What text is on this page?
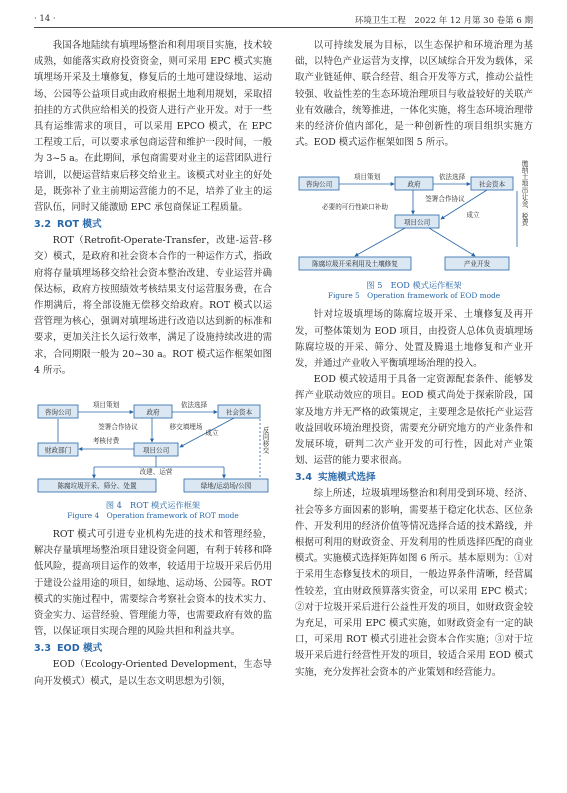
· 14 ·	环境卫生工程　2022 年 12 月第 30 卷第 6 期

我国各地陆续有填埋场整治和利用项目实施，技术较成熟，如能落实政府投资资金，则可采用 EPC 模式实施填埋场开采及土壤修复，修复后的土地可建设绿地、运动场、公园等公益项目或由政府根据土地利用规划，采取招拍挂的方式供应给相关的投资人进行产业开发。对于一些具有运维需求的项目，可以采用 EPCO 模式，在 EPC 工程竣工后，可以要求承包商运营和维护一段时间，一般为 3~5 a。在此期间，承包商需要对业主的运营团队进行培训，以便运营结束后移交给业主。该模式对业主的好处是，既弥补了业主前期运营能力的不足，培养了业主的运营队伍，同时又能激励 EPC 承包商保证工程质量。

3.2 ROT 模式

ROT（Retrofit-Operate-Transfer，改建-运营-移交）模式，是政府和社会资本合作的一种运作方式，指政府将存量填埋场移交给社会资本整治改建、专业运营并确保达标，政府方按照绩效考核结果支付运营服务费，在合作期满后，将全部设施无偿移交给政府。ROT 模式以运营管理为核心，强调对填埋场进行改造以达到新的标准和要求，更加关注长久运行效率，满足了设施持续改进的需求，合同期限一般为 20~30 a。ROT 模式运作框架如图 4 所示。

咨询公司	政府	社会资本
财政部门	项目公司
陈腐垃圾开采、筛分、处置	绿地/运动场/公园
项目策划	依法选择
签署合作协议	移交填埋场
考核付费
成立
改建、运营
反向移交
图 4　ROT 模式运作框架
Figure 4　Operation framework of ROT mode

ROT 模式可引进专业机构先进的技术和管理经验，解决存量填埋场整治项目建设资金问题，有利于转移和降低风险，提高项目运作的效率，较适用于垃圾开采后仍用于建设公益用途的项目，如绿地、运动场、公园等。ROT 模式的实施过程中，需要综合考察社会资本的技术实力、资金实力、运营经验、管理能力等，也需要政府有效的监管，以保证项目实现合理的风险共担和利益共享。

3.3 EOD 模式

EOD（Ecology-Oriented Development，生态导向开发模式）模式，是以生态文明思想为引领，

以可持续发展为目标，以生态保护和环境治理为基础，以特色产业运营为支撑，以区域综合开发为载体，采取产业链延伸、联合经营、组合开发等方式，推动公益性较强、收益性差的生态环境治理项目与收益较好的关联产业有效融合，统筹推进，一体化实施，将生态环境治理带来的经济价值内部化，是一种创新性的项目组织实施方式。EOD 模式运作框架如图 5 所示。

咨询公司	政府	社会资本
项目公司
陈腐垃圾开采利用及土壤修复	产业开发
项目策划	依法选择
签署合作协议
必要的可行性缺口补助
成立	缴纳土地出让金、税费
图 5　EOD 模式运作框架
Figure 5　Operation framework of EOD mode

针对垃圾填埋场的陈腐垃圾开采、土壤修复及再开发，可整体策划为 EOD 项目，由投资人总体负责填埋场陈腐垃圾的开采、筛分、处置及腾退土地修复和产业开发，并通过产业收入平衡填埋场治理的投入。

EOD 模式较适用于具备一定资源配套条件、能够发挥产业联动效应的项目。EOD 模式尚处于探索阶段，国家及地方并无严格的政策规定，主要理念是依托产业运营收益回收环境治理投资，需要充分研究地方的产业条件和发展环境，研判二次产业开发的可行性，因此对产业策划、运营的能力要求很高。

3.4 实施模式选择

综上所述，垃圾填埋场整治和利用受到环境、经济、社会等多方面因素的影响，需要基于稳定化状态、区位条件、开发利用的经济价值等情况选择合适的技术路线，并根据可利用的财政资金、开发利用的性质选择匹配的商业模式。实施模式选择矩阵如图 6 所示。基本原则为：①对于采用生态修复技术的项目，一般边界条件清晰，经营属性较差，宜由财政预算落实资金，可以采用 EPC 模式；②对于垃圾开采后进行公益性开发的项目，如财政资金较为充足，可采用 EPC 模式实施，如财政资金有一定的缺口，可采用 ROT 模式引进社会资本合作实施；③对于垃圾开采后进行经营性开发的项目，较适合采用 EOD 模式实施，充分发挥社会资本的产业策划和经营能力。
